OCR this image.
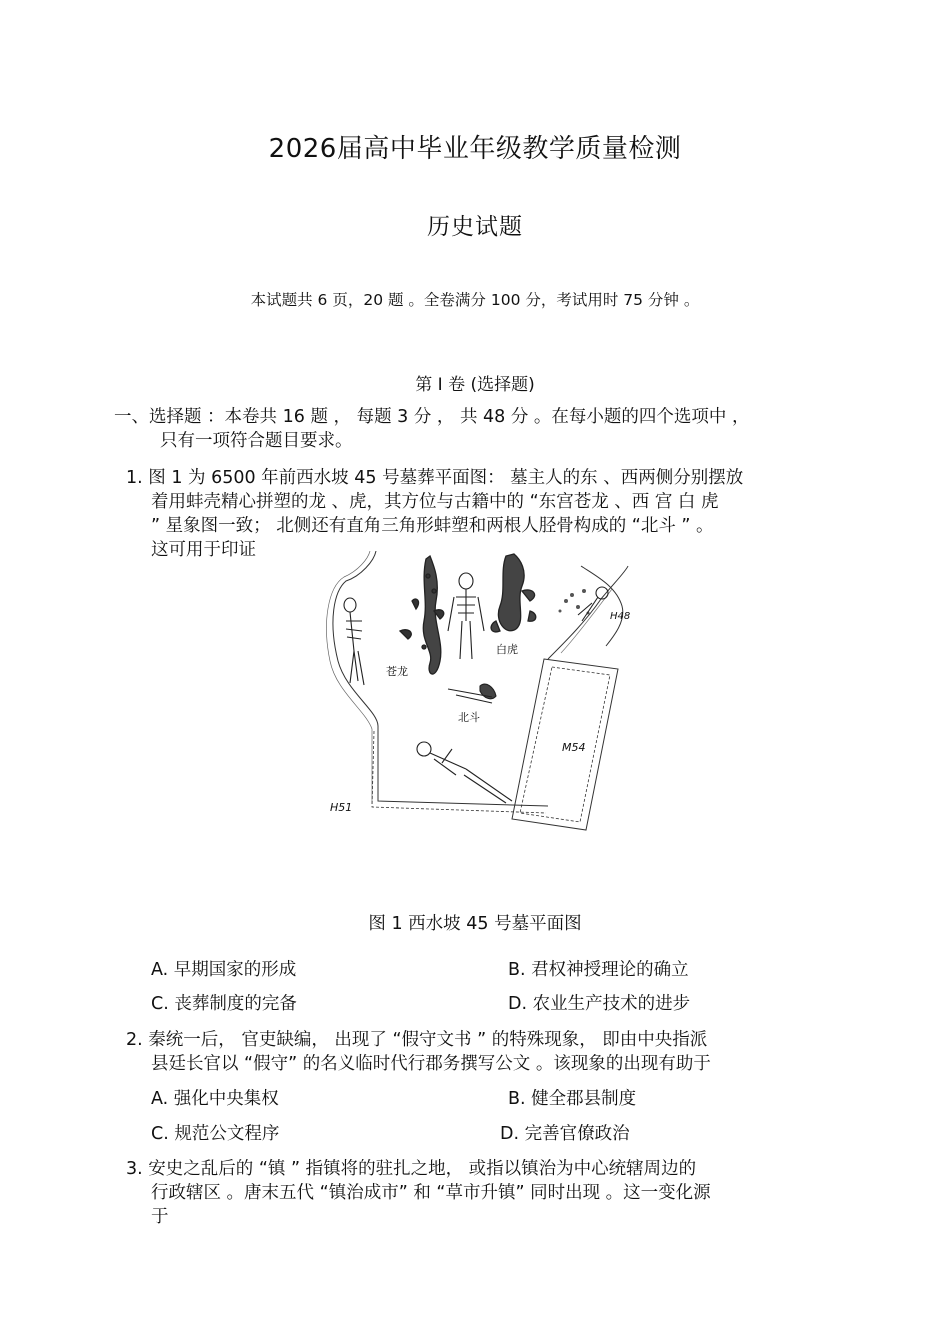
2026届高中毕业年级教学质量检测
历史试题
本试题共 6 页，20 题 。全卷满分 100 分，考试用时 75 分钟 。
第 I 卷 (选择题)
一、选择题 ：本卷共 16 题 ， 每题 3 分 ， 共 48 分 。在每小题的四个选项中 ，
只有一项符合题目要求。
1. 图 1 为 6500 年前西水坡 45 号墓葬平面图： 墓主人的东 、西两侧分别摆放
着用蚌壳精心拼塑的龙 、虎，其方位与古籍中的 “东宫苍龙 、西 宫 白 虎
” 星象图一致； 北侧还有直角三角形蚌塑和两根人胫骨构成的 “北斗 ” 。
这可用于印证
苍龙
白虎
北斗
M54
H51
H48
图 1 西水坡 45 号墓平面图
A. 早期国家的形成	B. 君权神授理论的确立
C. 丧葬制度的完备	D. 农业生产技术的进步
2. 秦统一后， 官吏缺编， 出现了 “假守文书 ” 的特殊现象， 即由中央指派
县廷长官以 “假守” 的名义临时代行郡务撰写公文 。该现象的出现有助于
A. 强化中央集权	B. 健全郡县制度
C. 规范公文程序	D. 完善官僚政治
3. 安史之乱后的 “镇 ” 指镇将的驻扎之地， 或指以镇治为中心统辖周边的
行政辖区 。唐末五代 “镇治成市” 和 “草市升镇” 同时出现 。这一变化源
于
